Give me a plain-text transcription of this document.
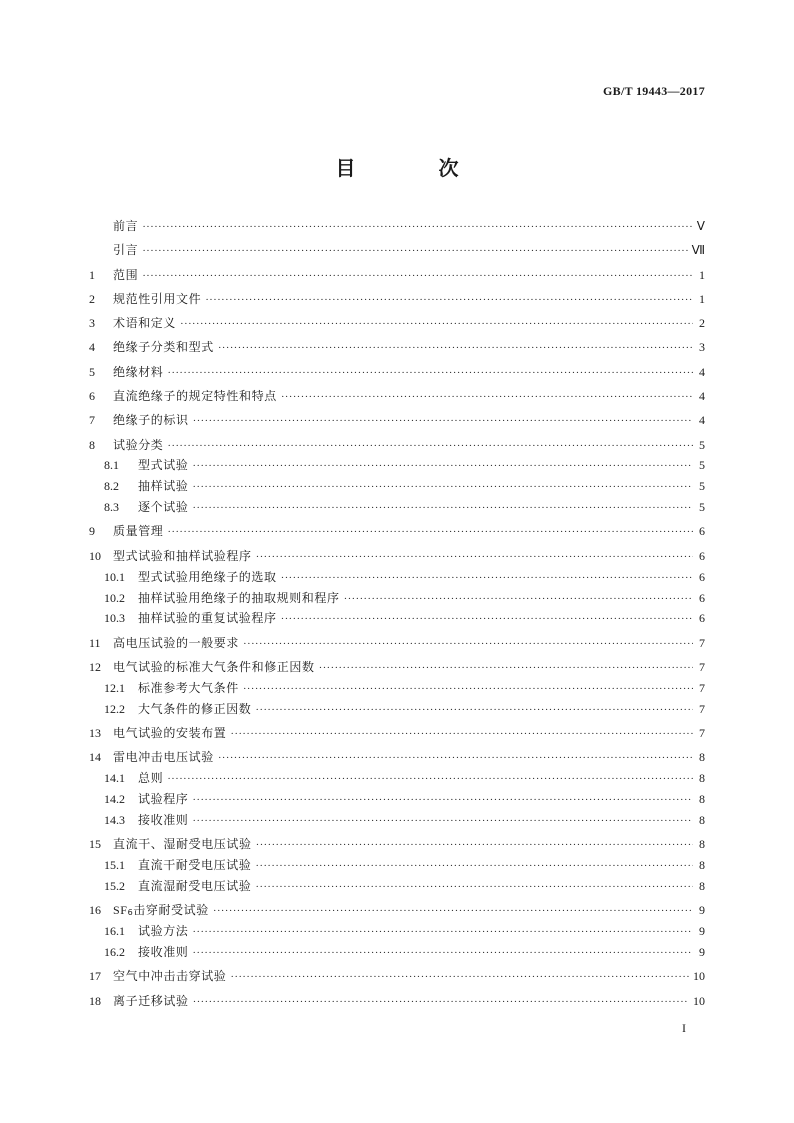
GB/T 19443—2017
目 次
前言 ·····	Ⅴ
引言 ·····	Ⅶ
1	范围 ·····	1
2	规范性引用文件 ·····	1
3	术语和定义 ·····	2
4	绝缘子分类和型式 ·····	3
5	绝缘材料 ·····	4
6	直流绝缘子的规定特性和特点 ·····	4
7	绝缘子的标识 ·····	4
8	试验分类 ·····	5
8.1	型式试验 ·····	5
8.2	抽样试验 ·····	5
8.3	逐个试验 ·····	5
9	质量管理 ·····	6
10	型式试验和抽样试验程序 ·····	6
10.1	型式试验用绝缘子的选取 ·····	6
10.2	抽样试验用绝缘子的抽取规则和程序 ·····	6
10.3	抽样试验的重复试验程序 ·····	6
11	高电压试验的一般要求 ·····	7
12	电气试验的标准大气条件和修正因数 ·····	7
12.1	标准参考大气条件 ·····	7
12.2	大气条件的修正因数 ·····	7
13	电气试验的安装布置 ·····	7
14	雷电冲击电压试验 ·····	8
14.1	总则 ·····	8
14.2	试验程序 ·····	8
14.3	接收准则 ·····	8
15	直流干、湿耐受电压试验 ·····	8
15.1	直流干耐受电压试验 ·····	8
15.2	直流湿耐受电压试验 ·····	8
16	SF6击穿耐受试验 ·····	9
16.1	试验方法 ·····	9
16.2	接收准则 ·····	9
17	空气中冲击击穿试验 ·····	10
18	离子迁移试验 ·····	10
I
